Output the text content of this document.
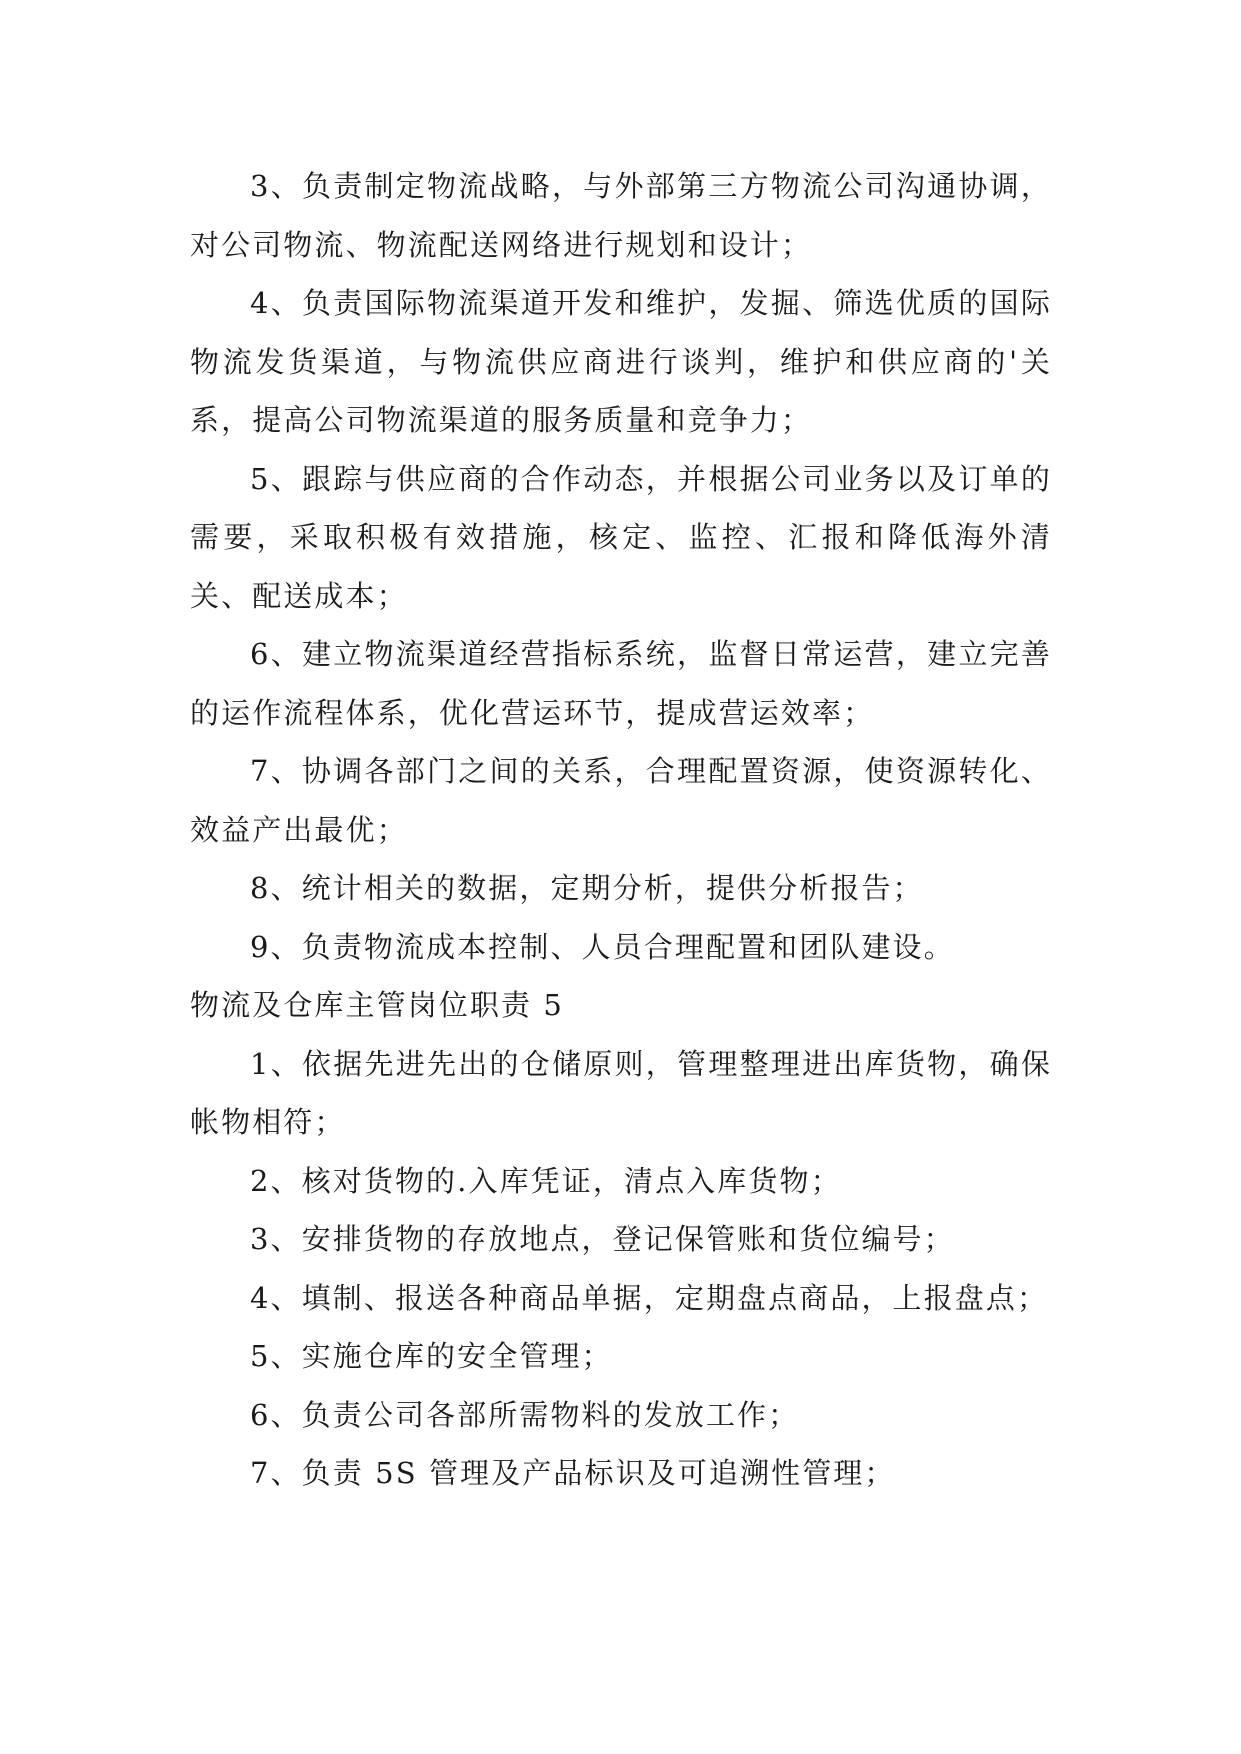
3、负责制定物流战略，与外部第三方物流公司沟通协调，对公司物流、物流配送网络进行规划和设计；

4、负责国际物流渠道开发和维护，发掘、筛选优质的国际物流发货渠道，与物流供应商进行谈判，维护和供应商的'关系，提高公司物流渠道的服务质量和竞争力；

5、跟踪与供应商的合作动态，并根据公司业务以及订单的需要，采取积极有效措施，核定、监控、汇报和降低海外清关、配送成本；

6、建立物流渠道经营指标系统，监督日常运营，建立完善的运作流程体系，优化营运环节，提成营运效率；

7、协调各部门之间的关系，合理配置资源，使资源转化、效益产出最优；

8、统计相关的数据，定期分析，提供分析报告；

9、负责物流成本控制、人员合理配置和团队建设。

物流及仓库主管岗位职责 5

1、依据先进先出的仓储原则，管理整理进出库货物，确保帐物相符；

2、核对货物的.入库凭证，清点入库货物；

3、安排货物的存放地点，登记保管账和货位编号；

4、填制、报送各种商品单据，定期盘点商品，上报盘点；

5、实施仓库的安全管理；

6、负责公司各部所需物料的发放工作；

7、负责 5S 管理及产品标识及可追溯性管理；
